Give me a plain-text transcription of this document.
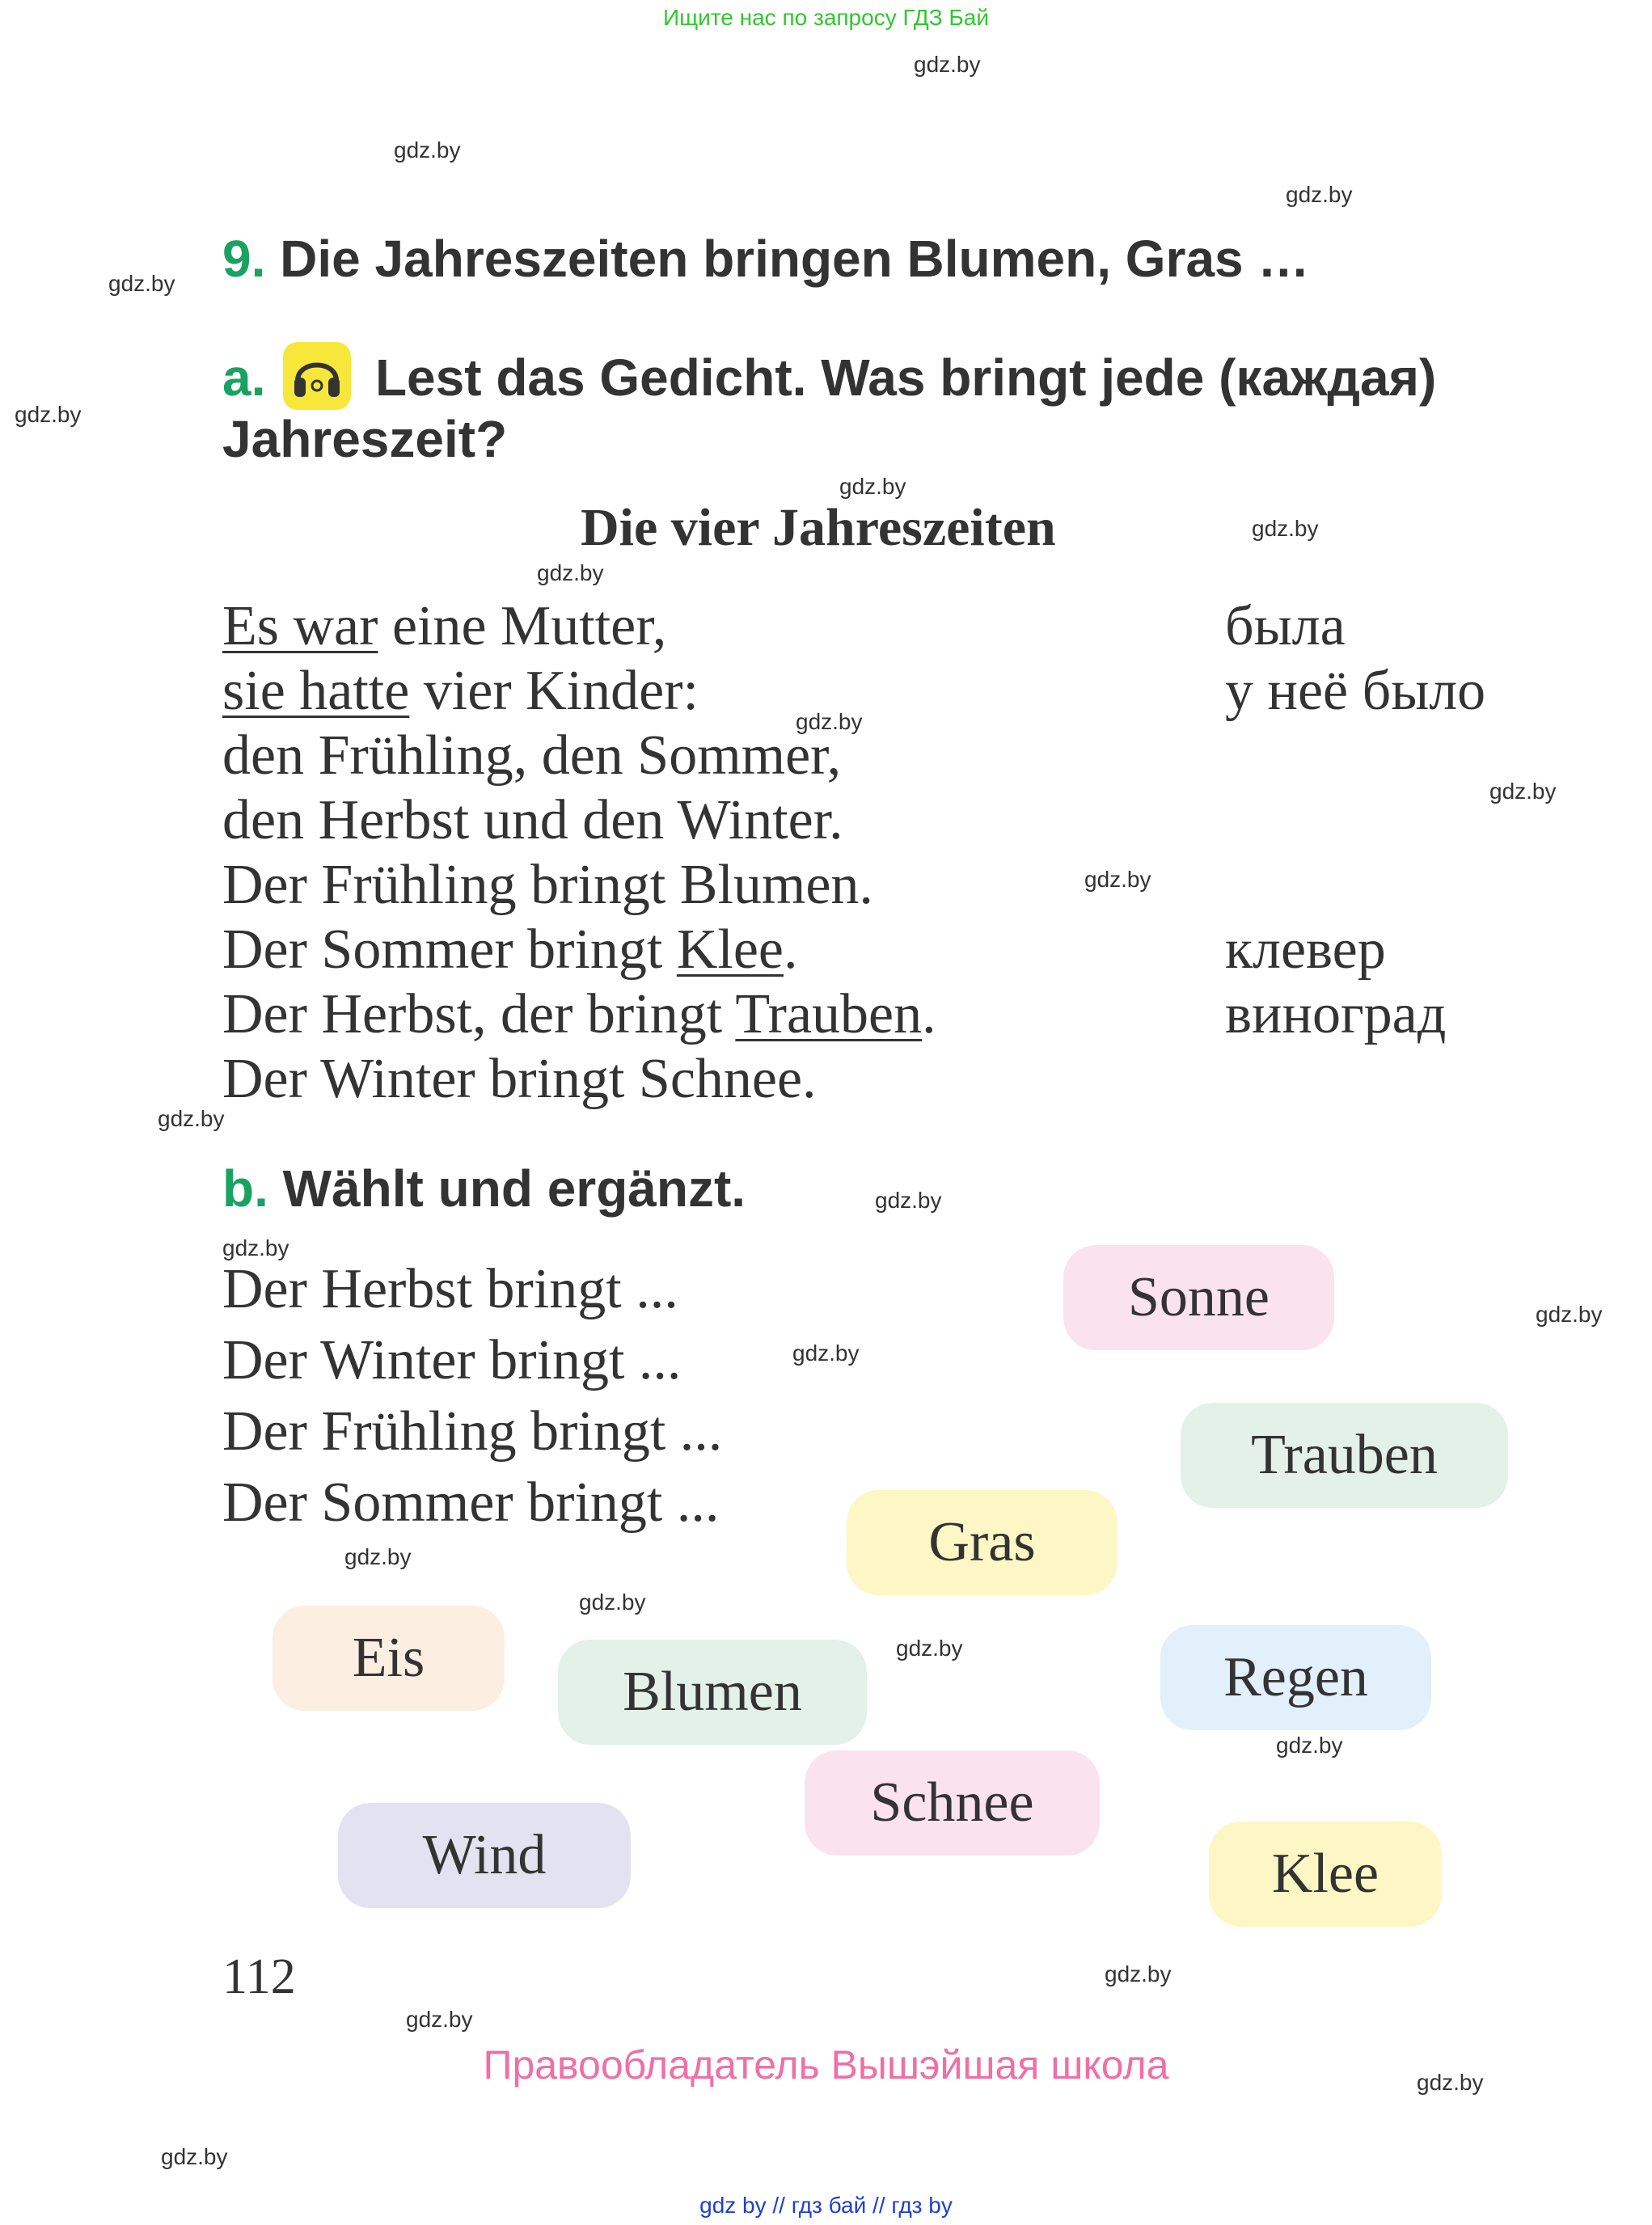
Ищите нас по запросу ГДЗ Бай
gdz.by
gdz.by
gdz.by
gdz.by
gdz.by
gdz.by
gdz.by
gdz.by
gdz.by
gdz.by
gdz.by
gdz.by
gdz.by
gdz.by
gdz.by
gdz.by
gdz.by
gdz.by
gdz.by
gdz.by
gdz.by
gdz.by
gdz.by
gdz.by
9. Die Jahreszeiten bringen Blumen, Gras …
a. Lest das Gedicht. Was bringt jede (каждая)
Jahreszeit?
Die vier Jahreszeiten
Es war eine Mutter,
sie hatte vier Kinder:
den Frühling, den Sommer,
den Herbst und den Winter.
Der Frühling bringt Blumen.
Der Sommer bringt Klee.
Der Herbst, der bringt Trauben.
Der Winter bringt Schnee.
была
у неё было
клевер
виноград
b. Wählt und ergänzt.
Der Herbst bringt ...
Der Winter bringt ...
Der Frühling bringt ...
Der Sommer bringt ...
Sonne
Trauben
Gras
Eis
Blumen	Regen
Schnee
Wind	Klee
112
Правообладатель Вышэйшая школа
gdz by // гдз бай // гдз by
